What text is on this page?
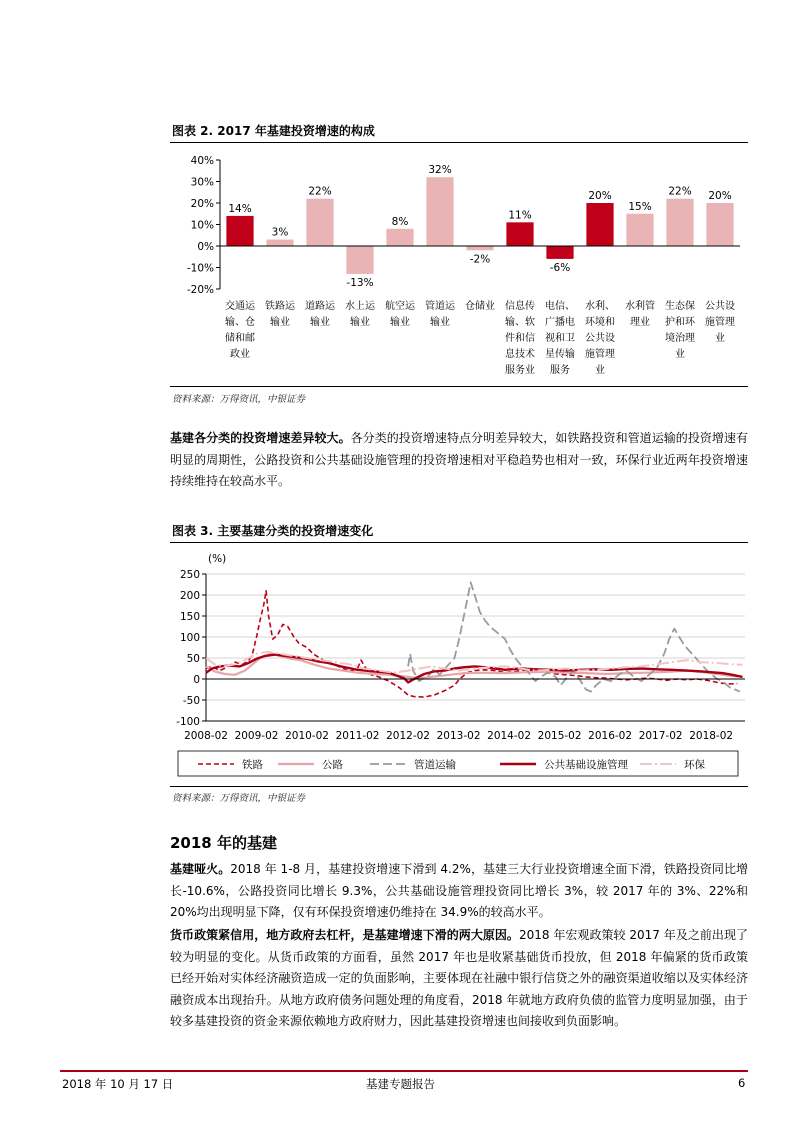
图表 2. 2017 年基建投资增速的构成
40%
30%
20%
10%
0%
-10%
-20%
14%
交通运
输、仓
储和邮
政业
3%
铁路运
输业
22%
道路运
输业
-13%
水上运
输业
8%
航空运
输业
32%
管道运
输业
-2%
仓储业
11%
信息传
输、软
件和信
息技术
服务业
-6%
电信、
广播电
视和卫
星传输
服务
20%
水利、
环境和
公共设
施管理
业
15%
水利管
理业
22%
生态保
护和环
境治理
业
20%
公共设
施管理
业
资料来源：万得资讯，中银证券
基建各分类的投资增速差异较大。各分类的投资增速特点分明差异较大，如铁路投资和管道运输的投资增速有明显的周期性，公路投资和公共基础设施管理的投资增速相对平稳趋势也相对一致，环保行业近两年投资增速持续维持在较高水平。
图表 3. 主要基建分类的投资增速变化
(%)
250
200
150
100
50
0
-50
-100
2008-02 2009-02 2010-02 2011-02 2012-02 2013-02 2014-02 2015-02 2016-02 2017-02 2018-02
铁路	公路	管道运输	公共基础设施管理	环保
资料来源：万得资讯，中银证券
2018 年的基建
基建哑火。2018 年 1-8 月，基建投资增速下滑到 4.2%，基建三大行业投资增速全面下滑，铁路投资同比增长-10.6%，公路投资同比增长 9.3%，公共基础设施管理投资同比增长 3%，较 2017 年的 3%、22%和 20%均出现明显下降，仅有环保投资增速仍维持在 34.9%的较高水平。
货币政策紧信用，地方政府去杠杆，是基建增速下滑的两大原因。2018 年宏观政策较 2017 年及之前出现了较为明显的变化。从货币政策的方面看，虽然 2017 年也是收紧基础货币投放，但 2018 年偏紧的货币政策已经开始对实体经济融资造成一定的负面影响，主要体现在社融中银行信贷之外的融资渠道收缩以及实体经济融资成本出现抬升。从地方政府债务问题处理的角度看，2018 年就地方政府负债的监管力度明显加强，由于较多基建投资的资金来源依赖地方政府财力，因此基建投资增速也间接收到负面影响。
2018 年 10 月 17 日	基建专题报告	6
